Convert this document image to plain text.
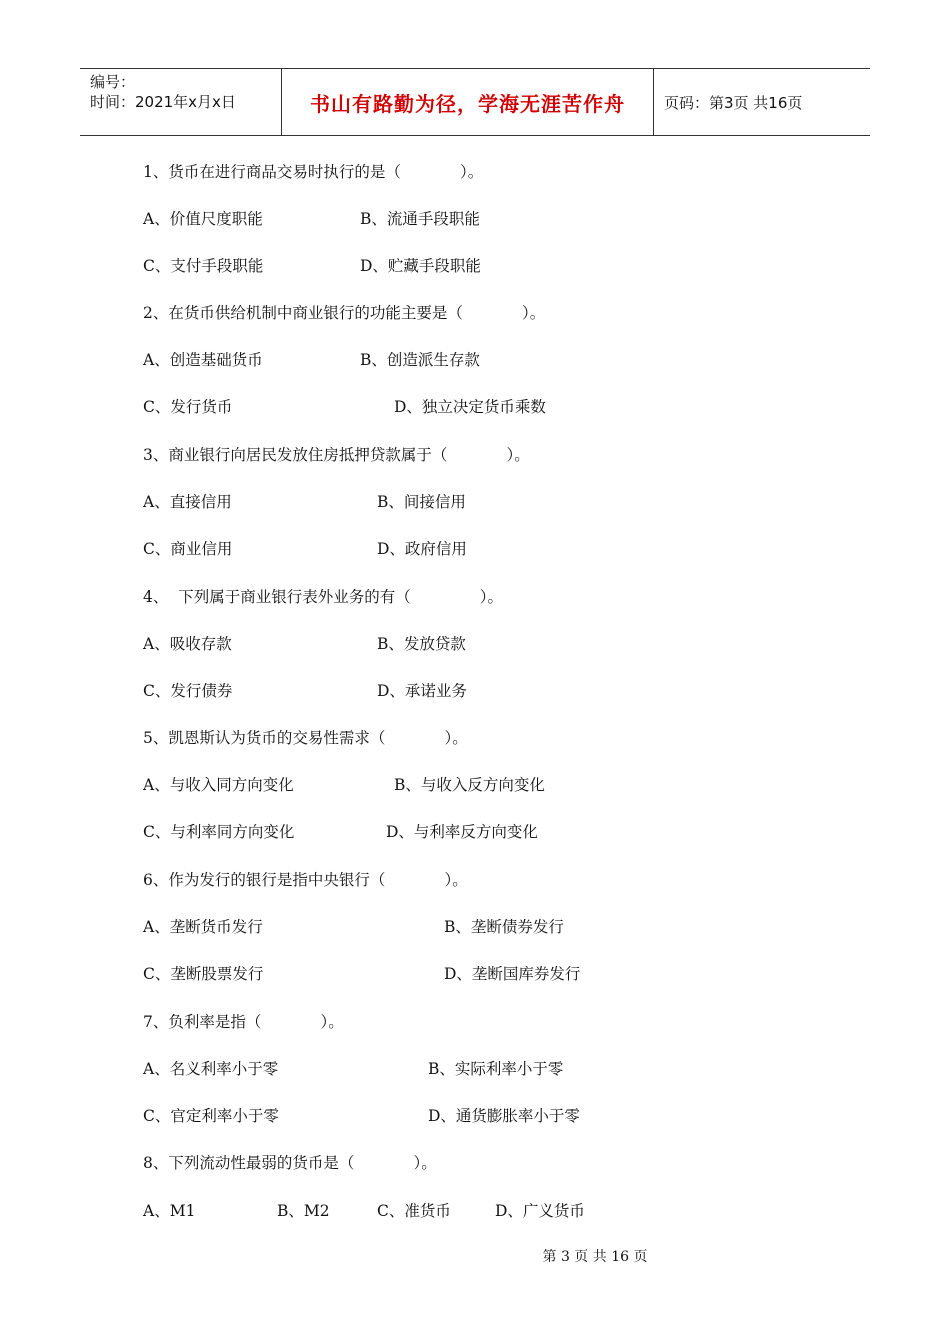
编号：
时间：2021年x月x日	书山有路勤为径，学海无涯苦作舟	页码：第3页 共16页
1、货币在进行商品交易时执行的是（            ）。
A、价值尺度职能	B、流通手段职能
C、支付手段职能	D、贮藏手段职能
2、在货币供给机制中商业银行的功能主要是（            ）。
A、创造基础货币	B、创造派生存款
C、发行货币	D、独立决定货币乘数
3、商业银行向居民发放住房抵押贷款属于（            ）。
A、直接信用	B、间接信用
C、商业信用	D、政府信用
4、  下列属于商业银行表外业务的有（              ）。
A、吸收存款	B、发放贷款
C、发行债券	D、承诺业务
5、凯恩斯认为货币的交易性需求（            ）。
A、与收入同方向变化	B、与收入反方向变化
C、与利率同方向变化	D、与利率反方向变化
6、作为发行的银行是指中央银行（            ）。
A、垄断货币发行	B、垄断债券发行
C、垄断股票发行	D、垄断国库券发行
7、负利率是指（            ）。
A、名义利率小于零	B、实际利率小于零
C、官定利率小于零	D、通货膨胀率小于零
8、下列流动性最弱的货币是（            ）。
A、M1	B、M2	C、准货币	D、广义货币
第 3 页 共 16 页
